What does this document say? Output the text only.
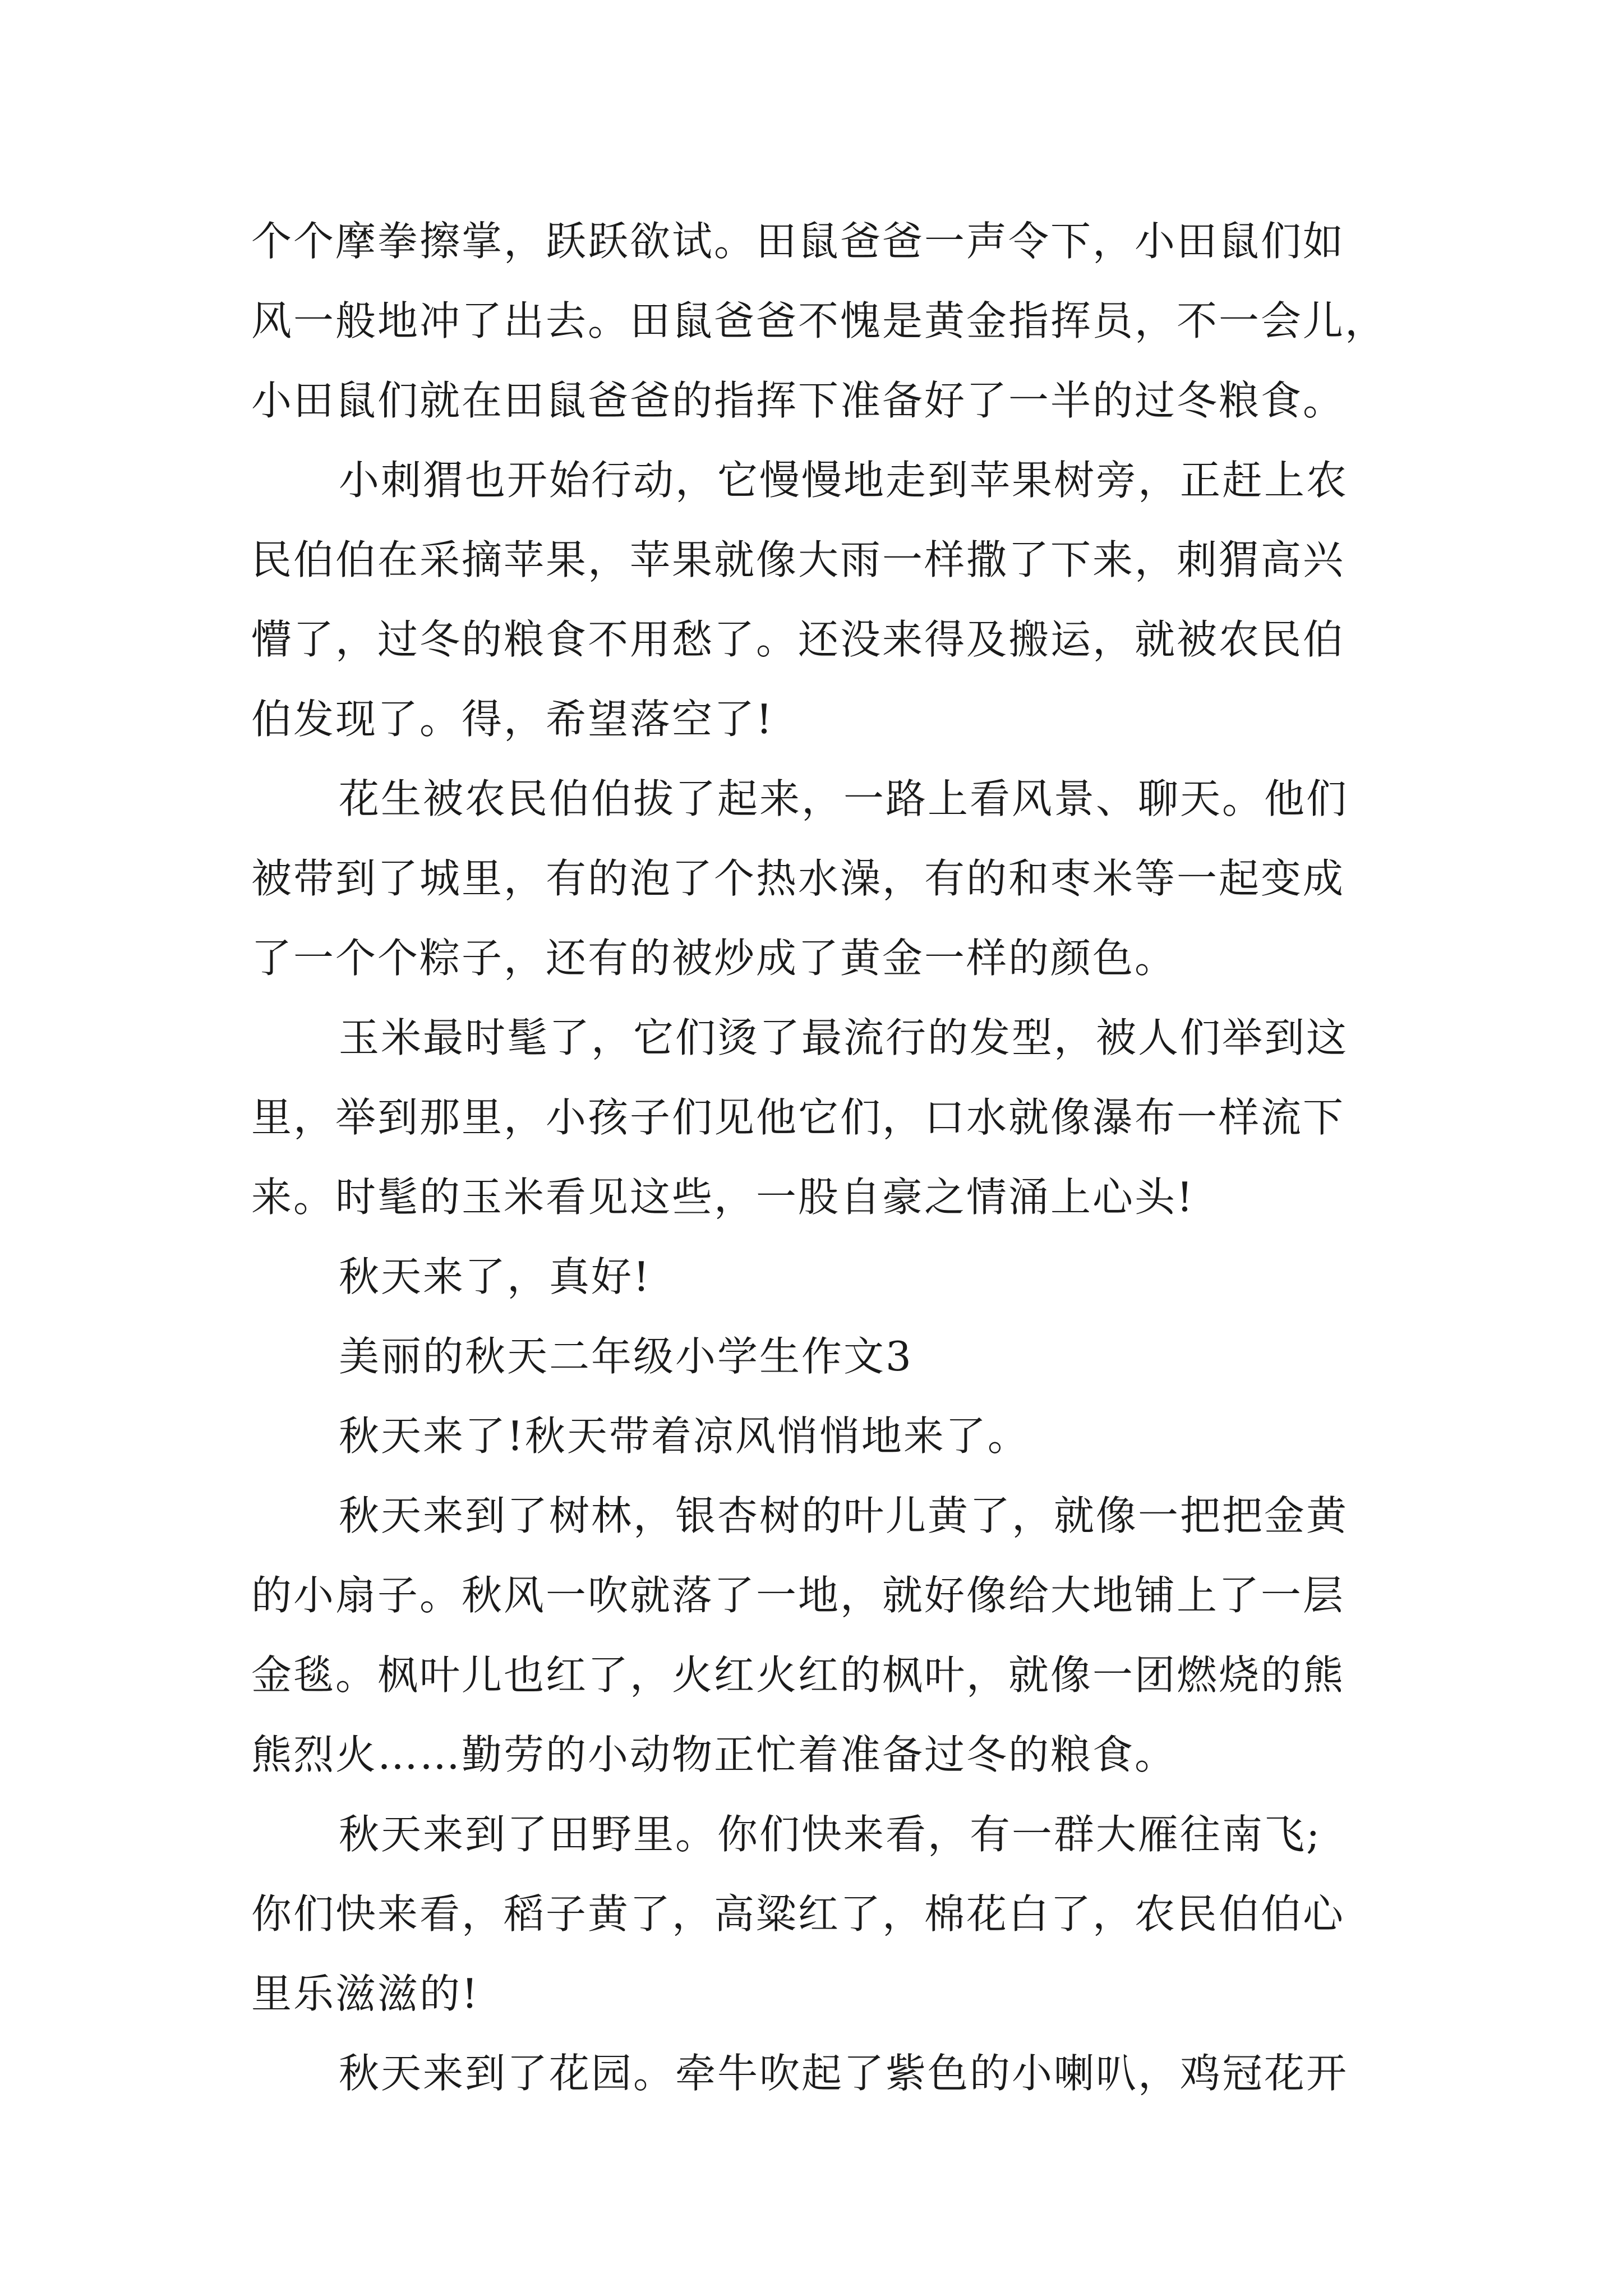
个个摩拳擦掌，跃跃欲试。田鼠爸爸一声令下，小田鼠们如

风一般地冲了出去。田鼠爸爸不愧是黄金指挥员，不一会儿，

小田鼠们就在田鼠爸爸的指挥下准备好了一半的过冬粮食。

小刺猬也开始行动，它慢慢地走到苹果树旁，正赶上农

民伯伯在采摘苹果，苹果就像大雨一样撒了下来，刺猬高兴

懵了，过冬的粮食不用愁了。还没来得及搬运，就被农民伯

伯发现了。得，希望落空了!

花生被农民伯伯拔了起来，一路上看风景、聊天。他们

被带到了城里，有的泡了个热水澡，有的和枣米等一起变成

了一个个粽子，还有的被炒成了黄金一样的颜色。

玉米最时髦了，它们烫了最流行的发型，被人们举到这

里，举到那里，小孩子们见他它们，口水就像瀑布一样流下

来。时髦的玉米看见这些，一股自豪之情涌上心头!

秋天来了，真好!

美丽的秋天二年级小学生作文3

秋天来了!秋天带着凉风悄悄地来了。

秋天来到了树林，银杏树的叶儿黄了，就像一把把金黄

的小扇子。秋风一吹就落了一地，就好像给大地铺上了一层

金毯。枫叶儿也红了，火红火红的枫叶，就像一团燃烧的熊

熊烈火……勤劳的小动物正忙着准备过冬的粮食。

秋天来到了田野里。你们快来看，有一群大雁往南飞;

你们快来看，稻子黄了，高粱红了，棉花白了，农民伯伯心

里乐滋滋的!

秋天来到了花园。牵牛吹起了紫色的小喇叭，鸡冠花开
